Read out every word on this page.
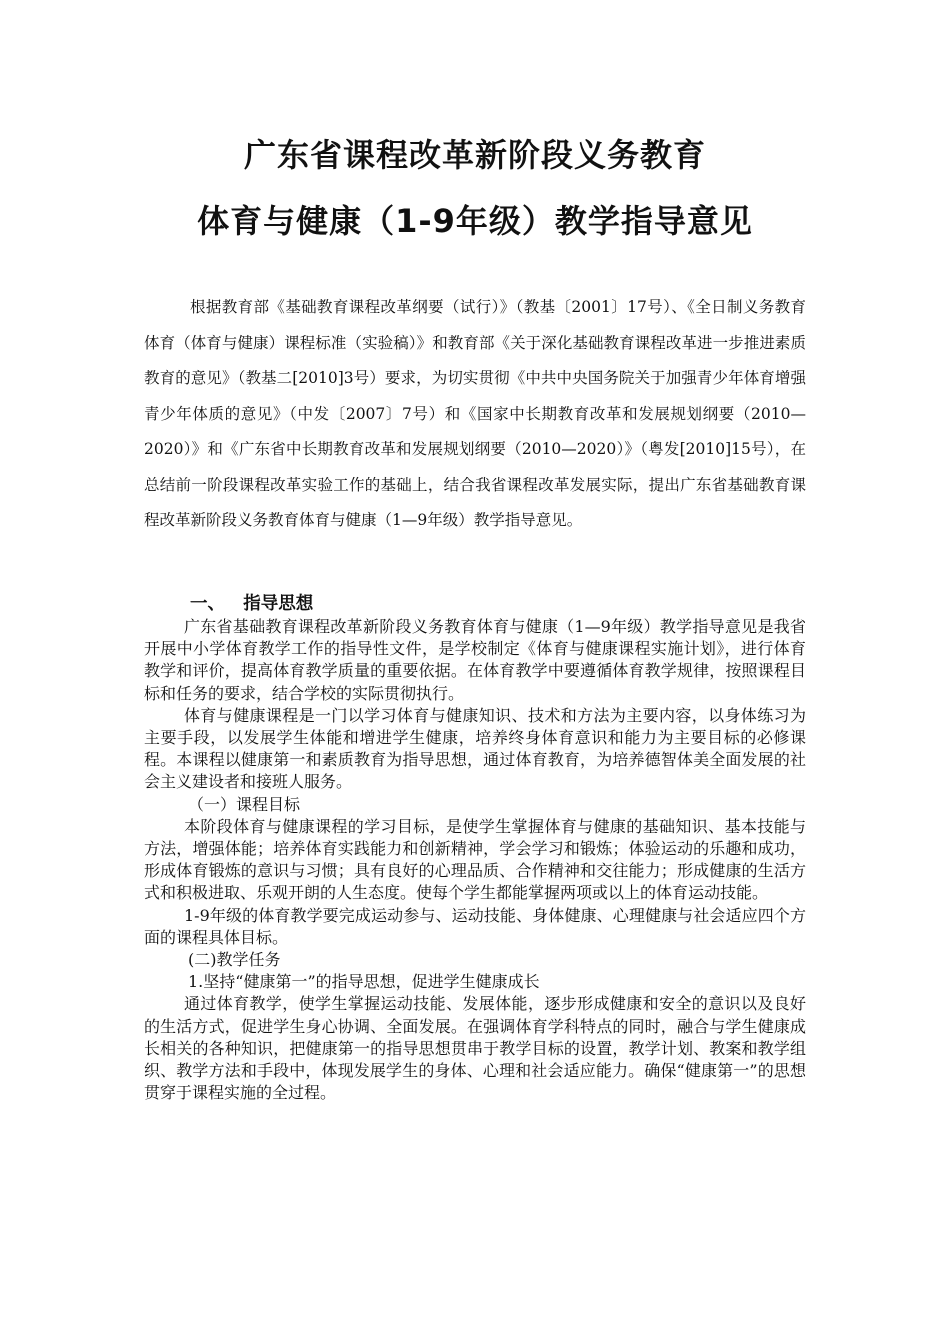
广东省课程改革新阶段义务教育
体育与健康（1-9年级）教学指导意见

根据教育部《基础教育课程改革纲要（试行）》（教基〔2001〕17号）、《全日制义务教育体育（体育与健康）课程标准（实验稿）》和教育部《关于深化基础教育课程改革进一步推进素质教育的意见》（教基二[2010]3号）要求，为切实贯彻《中共中央国务院关于加强青少年体育增强青少年体质的意见》（中发〔2007〕7号）和《国家中长期教育改革和发展规划纲要（2010—2020）》和《广东省中长期教育改革和发展规划纲要（2010—2020）》（粤发[2010]15号），在总结前一阶段课程改革实验工作的基础上，结合我省课程改革发展实际，提出广东省基础教育课程改革新阶段义务教育体育与健康（1—9年级）教学指导意见。

一、   指导思想

广东省基础教育课程改革新阶段义务教育体育与健康（1—9年级）教学指导意见是我省开展中小学体育教学工作的指导性文件，是学校制定《体育与健康课程实施计划》，进行体育教学和评价，提高体育教学质量的重要依据。在体育教学中要遵循体育教学规律，按照课程目标和任务的要求，结合学校的实际贯彻执行。

体育与健康课程是一门以学习体育与健康知识、技术和方法为主要内容，以身体练习为主要手段，以发展学生体能和增进学生健康，培养终身体育意识和能力为主要目标的必修课程。本课程以健康第一和素质教育为指导思想，通过体育教育，为培养德智体美全面发展的社会主义建设者和接班人服务。

（一）课程目标

本阶段体育与健康课程的学习目标，是使学生掌握体育与健康的基础知识、基本技能与方法，增强体能；培养体育实践能力和创新精神，学会学习和锻炼；体验运动的乐趣和成功，形成体育锻炼的意识与习惯；具有良好的心理品质、合作精神和交往能力；形成健康的生活方式和积极进取、乐观开朗的人生态度。使每个学生都能掌握两项或以上的体育运动技能。

1-9年级的体育教学要完成运动参与、运动技能、身体健康、心理健康与社会适应四个方面的课程具体目标。

(二)教学任务

1.坚持“健康第一”的指导思想，促进学生健康成长

通过体育教学，使学生掌握运动技能、发展体能，逐步形成健康和安全的意识以及良好的生活方式，促进学生身心协调、全面发展。在强调体育学科特点的同时，融合与学生健康成长相关的各种知识，把健康第一的指导思想贯串于教学目标的设置，教学计划、教案和教学组织、教学方法和手段中，体现发展学生的身体、心理和社会适应能力。确保“健康第一”的思想贯穿于课程实施的全过程。
